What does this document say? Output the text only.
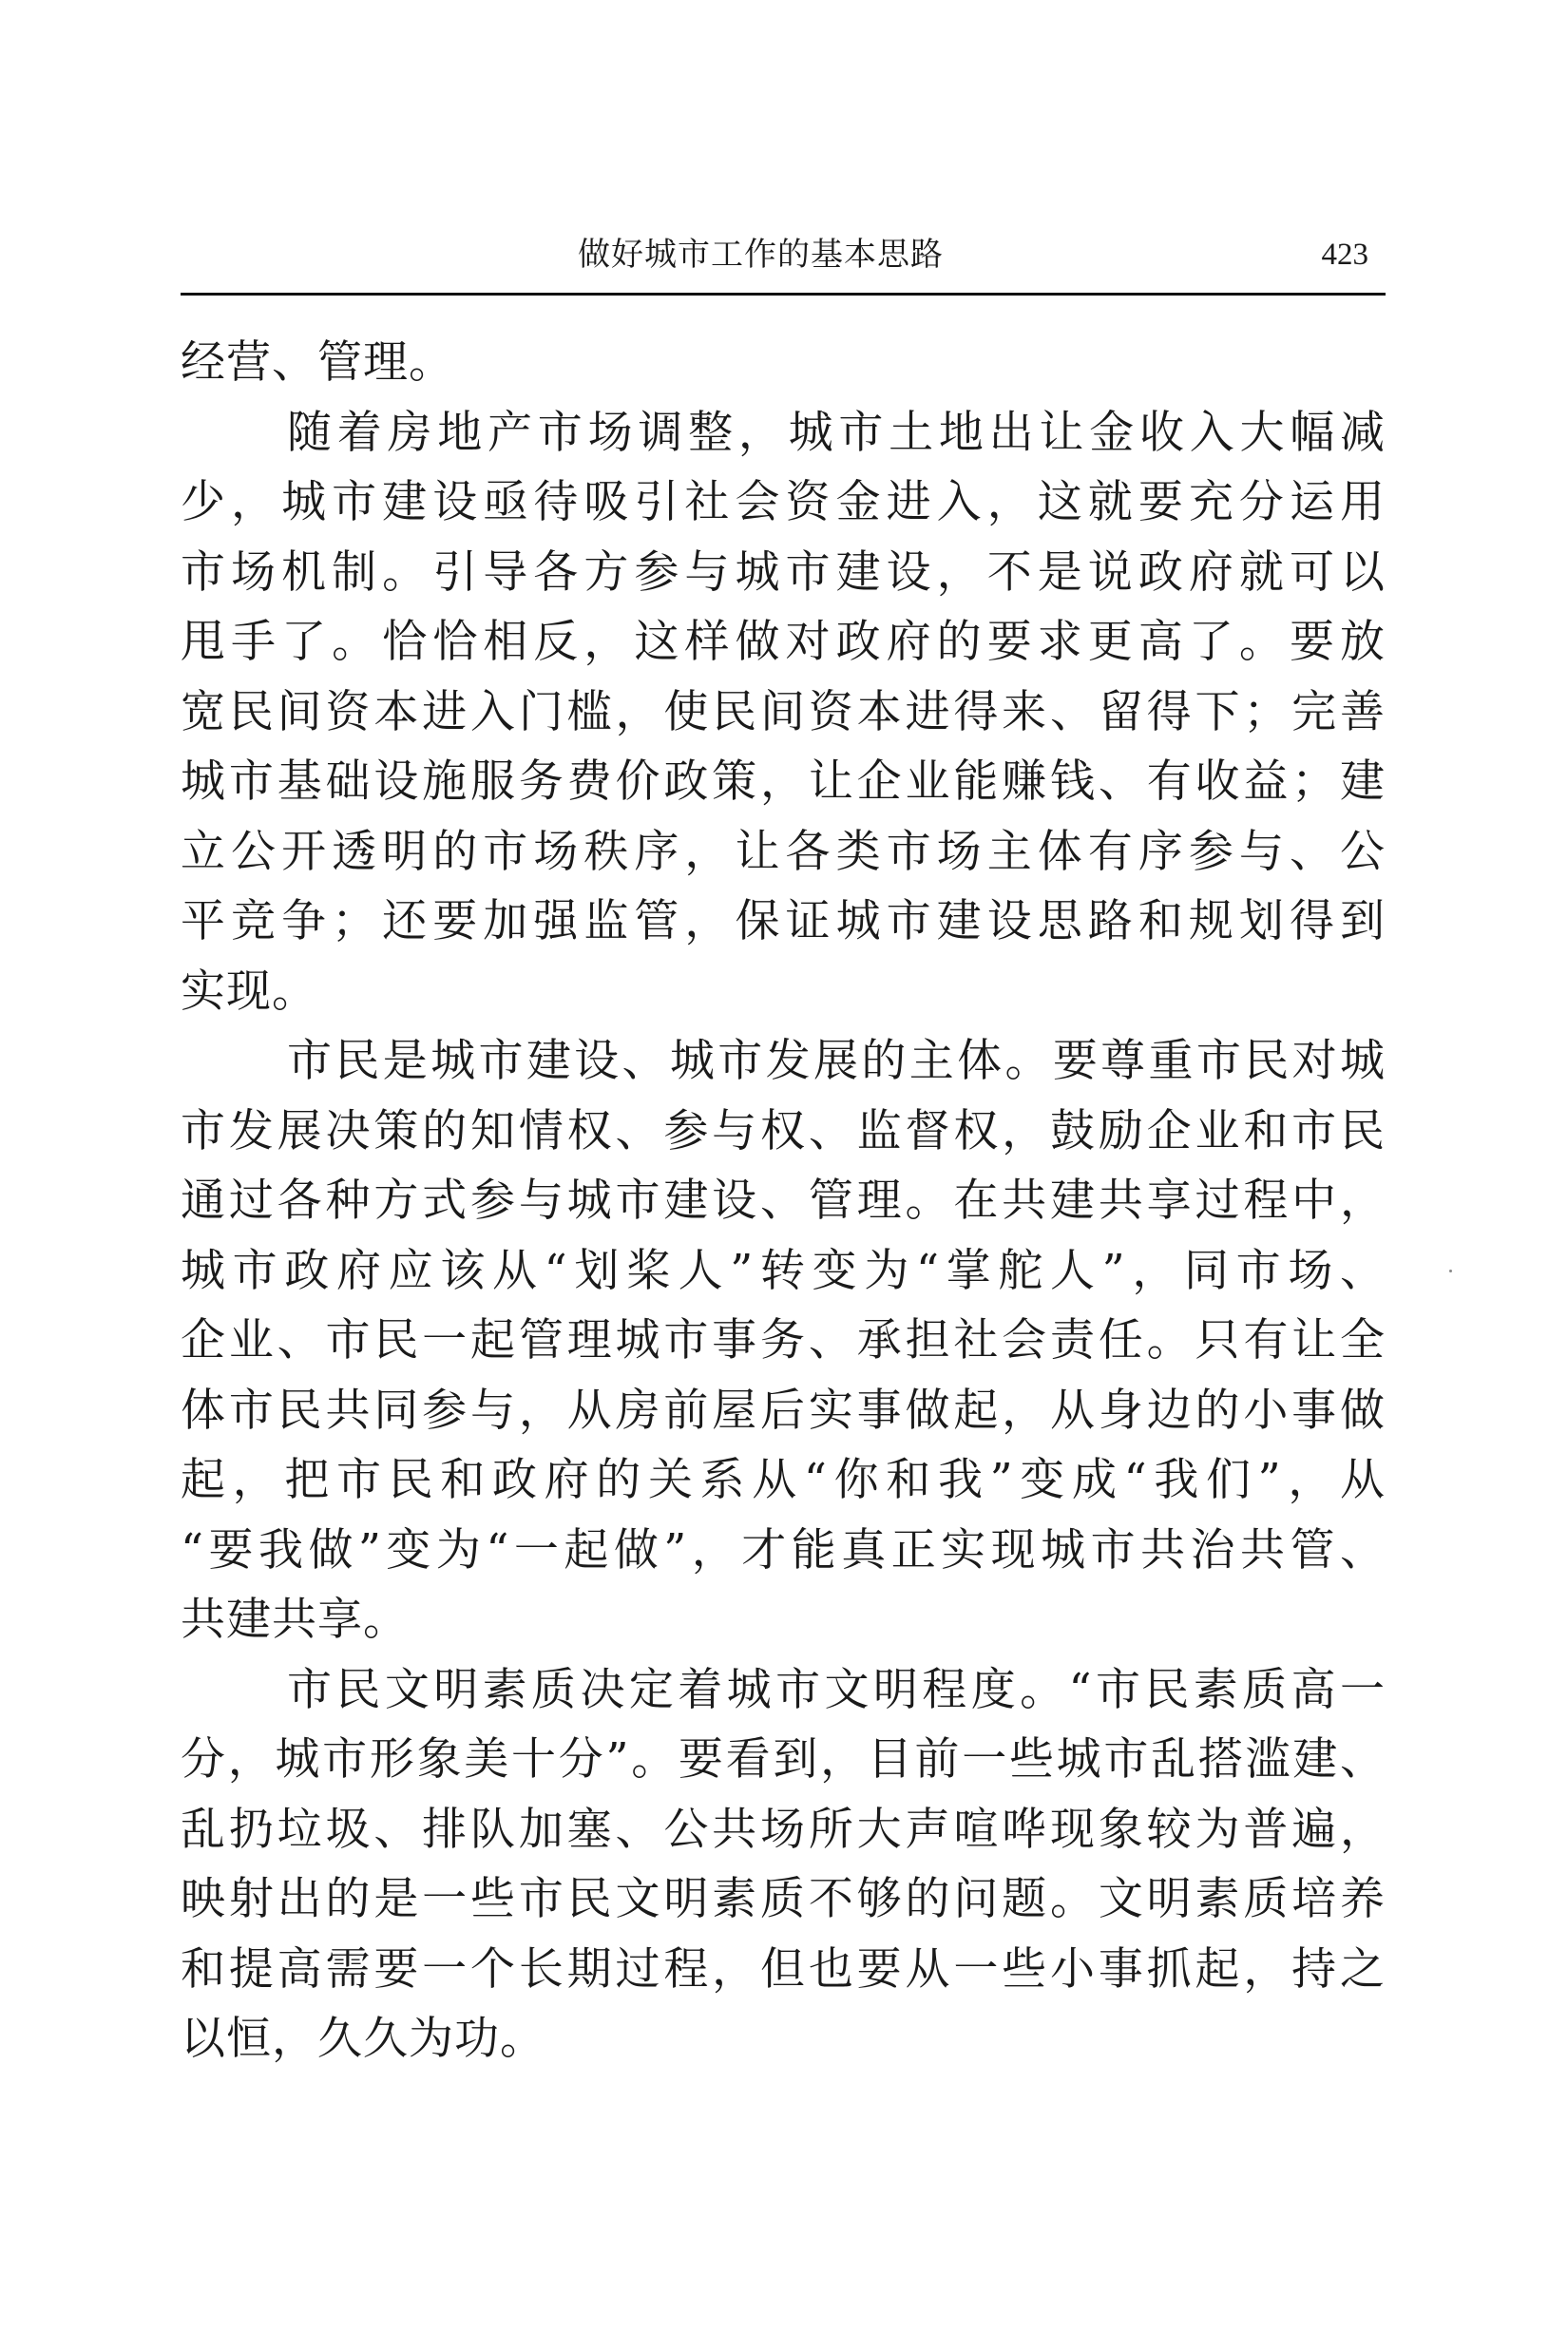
做好城市工作的基本思路	423
经营、管理。
随着房地产市场调整，城市土地出让金收入大幅减
少，城市建设亟待吸引社会资金进入，这就要充分运用
市场机制。引导各方参与城市建设，不是说政府就可以
甩手了。恰恰相反，这样做对政府的要求更高了。要放
宽民间资本进入门槛，使民间资本进得来、留得下；完善
城市基础设施服务费价政策，让企业能赚钱、有收益；建
立公开透明的市场秩序，让各类市场主体有序参与、公
平竞争；还要加强监管，保证城市建设思路和规划得到
实现。
市民是城市建设、城市发展的主体。要尊重市民对城
市发展决策的知情权、参与权、监督权，鼓励企业和市民
通过各种方式参与城市建设、管理。在共建共享过程中，
城市政府应该从“划桨人”转变为“掌舵人”，同市场、
企业、市民一起管理城市事务、承担社会责任。只有让全
体市民共同参与，从房前屋后实事做起，从身边的小事做
起，把市民和政府的关系从“你和我”变成“我们”，从
“要我做”变为“一起做”，才能真正实现城市共治共管、
共建共享。
市民文明素质决定着城市文明程度。“市民素质高一
分，城市形象美十分”。要看到，目前一些城市乱搭滥建、
乱扔垃圾、排队加塞、公共场所大声喧哗现象较为普遍，
映射出的是一些市民文明素质不够的问题。文明素质培养
和提高需要一个长期过程，但也要从一些小事抓起，持之
以恒，久久为功。
